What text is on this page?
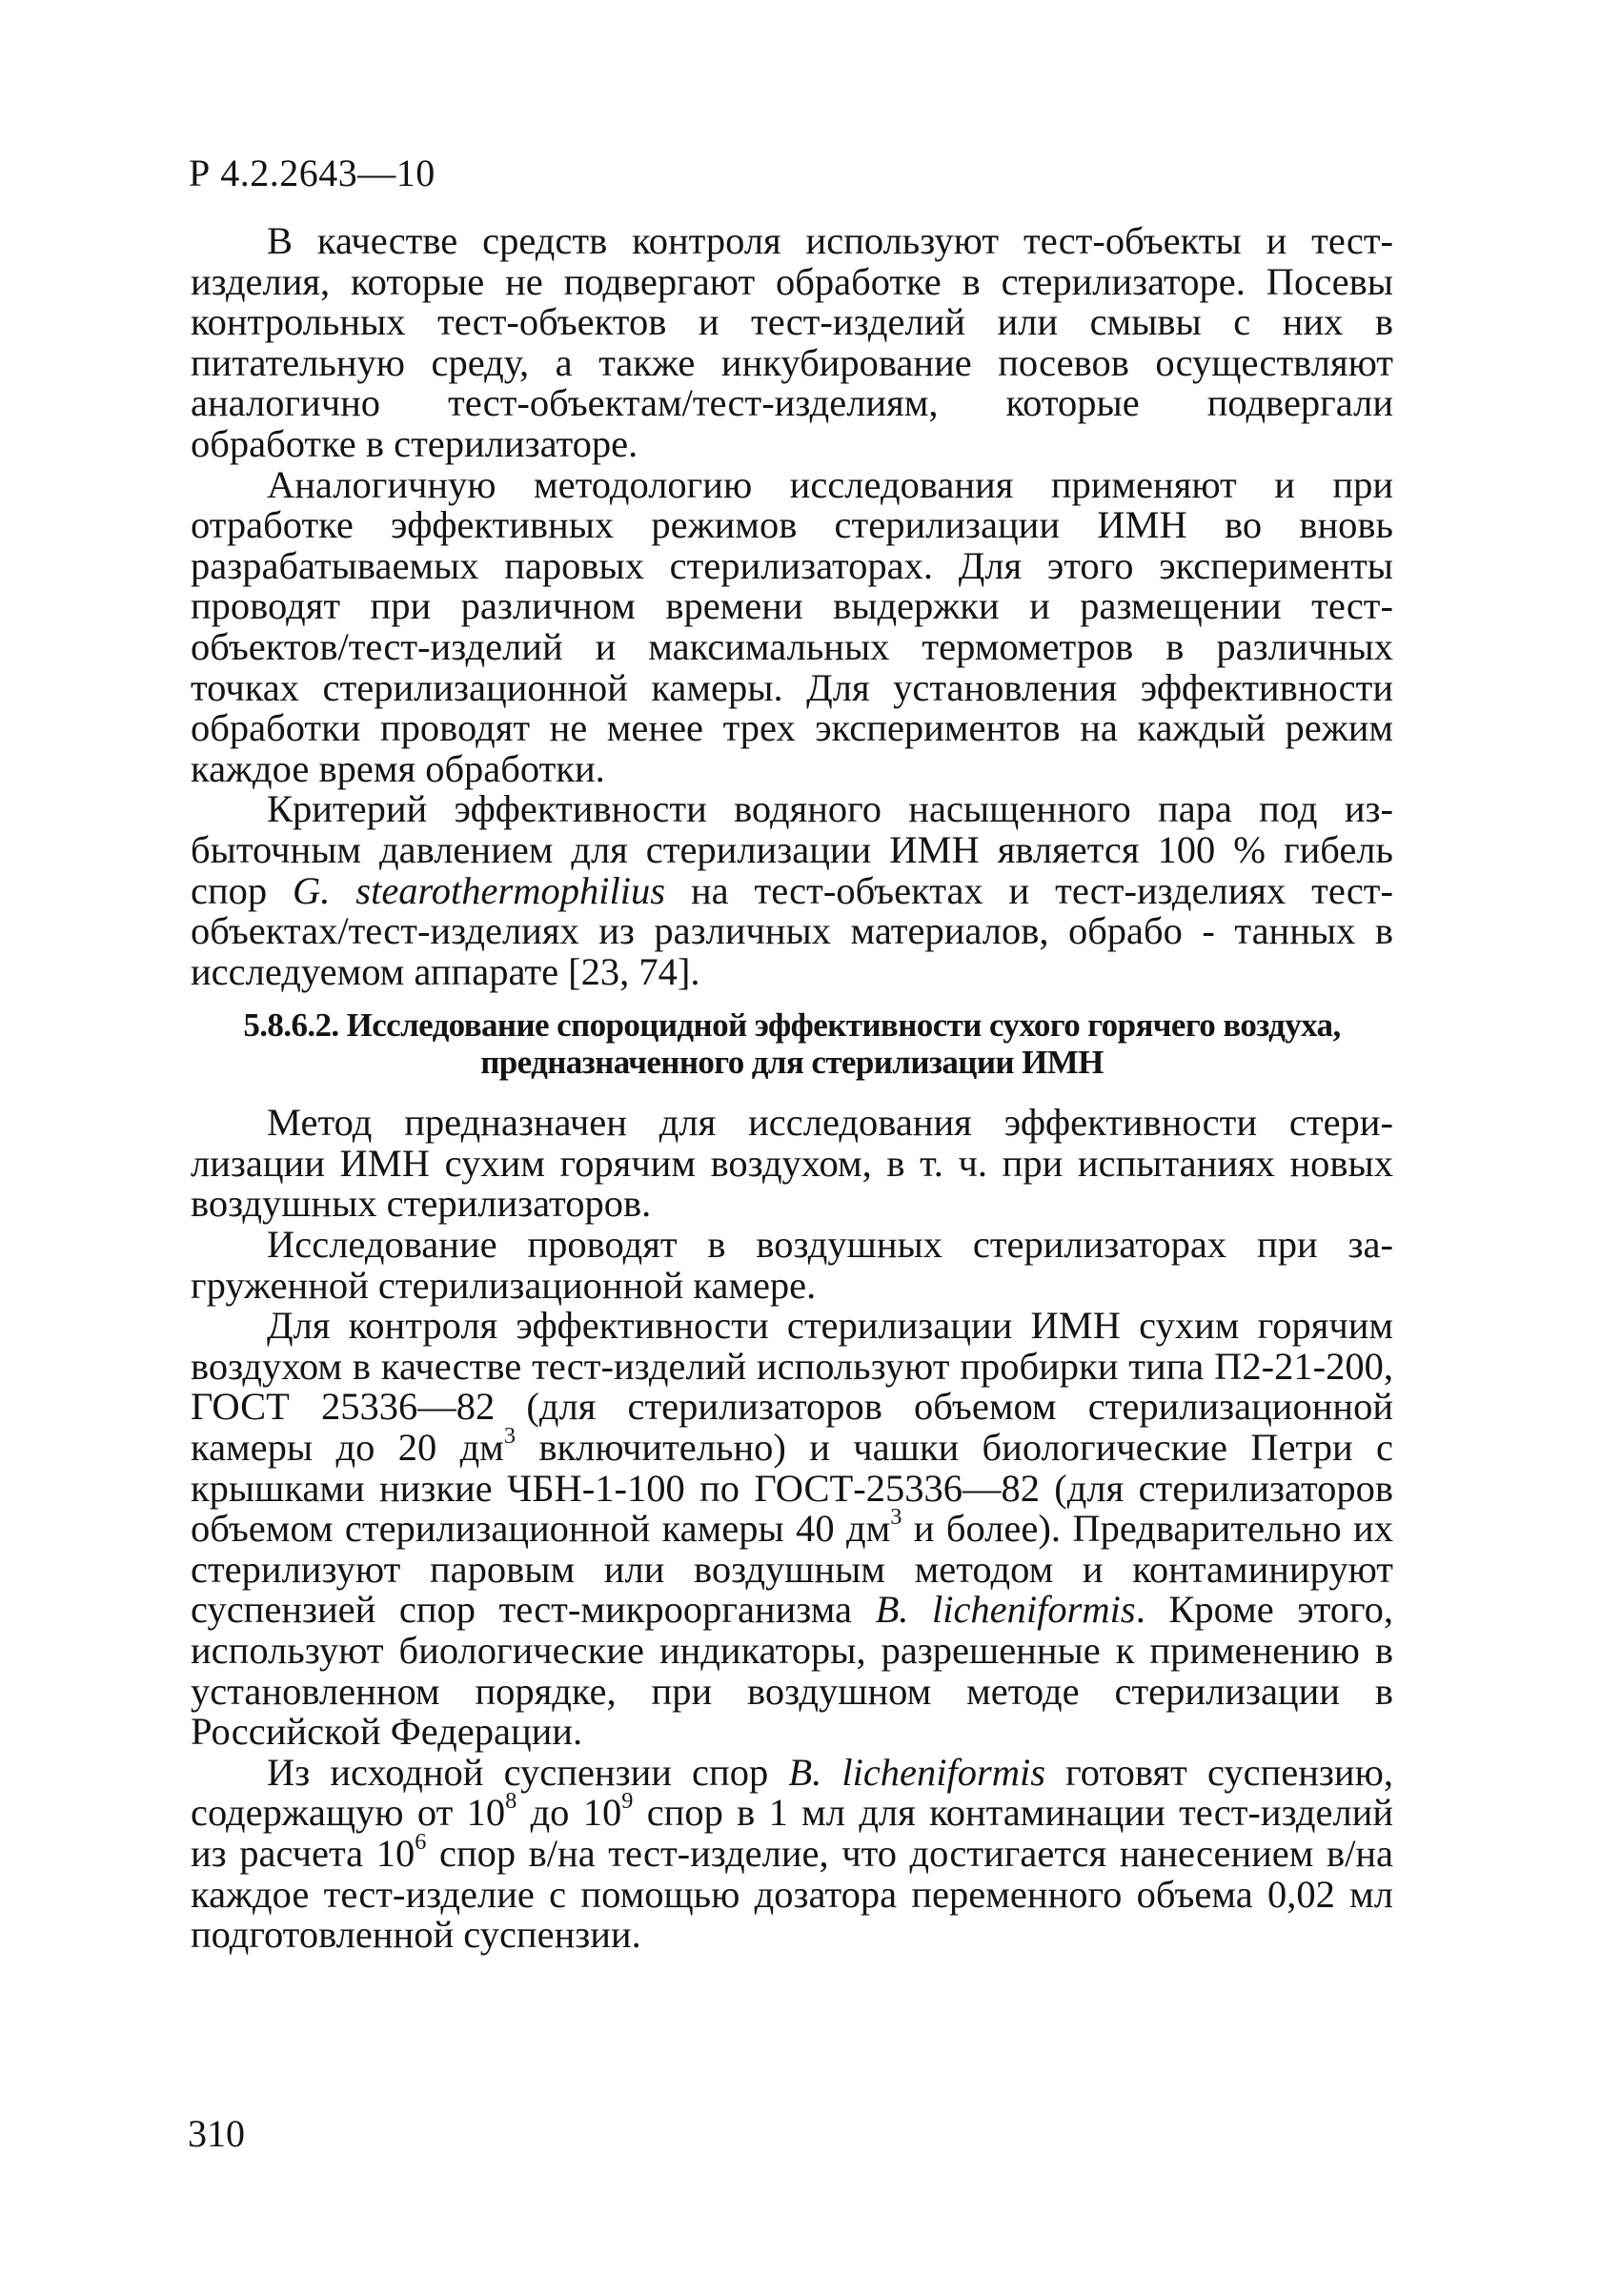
Р 4.2.2643—10

В качестве средств контроля используют тест-объекты и тест-изделия, которые не подвергают обработке в стерилизаторе. Посевы контрольных тест-объектов и тест-изделий или смывы с них в питательную среду, а также инкубирование посевов осуществляют аналогично тест-объектам/тест-изделиям, которые подвергали обработке в стерилизаторе.

Аналогичную методологию исследования применяют и при отработке эффективных режимов стерилизации ИМН во вновь разрабатываемых паровых стерилизаторах. Для этого эксперименты проводят при различном времени выдержки и размещении тест-объектов/тест-изделий и максимальных термометров в различных точках стерилизационной камеры. Для установления эффективности обработки проводят не менее трех экспериментов на каждый режим каждое время обработки.

Критерий эффективности водяного насыщенного пара под избыточным давлением для стерилизации ИМН является 100 % гибель спор G. stearothermophilius на тест-объектах и тест-изделиях тест-объектах/тест-изделиях из различных материалов, обрабо - танных в исследуемом аппарате [23, 74].

5.8.6.2. Исследование спороцидной эффективности сухого горячего воздуха, предназначенного для стерилизации ИМН

Метод предназначен для исследования эффективности стерилизации ИМН сухим горячим воздухом, в т. ч. при испытаниях новых воздушных стерилизаторов.

Исследование проводят в воздушных стерилизаторах при загруженной стерилизационной камере.

Для контроля эффективности стерилизации ИМН сухим горячим воздухом в качестве тест-изделий используют пробирки типа П2-21-200, ГОСТ 25336—82 (для стерилизаторов объемом стерилизационной камеры до 20 $дм^3$ включительно) и чашки биологические Петри с крышками низкие ЧБН-1-100 по ГОСТ-25336—82 (для стерилизаторов объемом стерилизационной камеры 40 $дм^3$ и более). Предварительно их стерилизуют паровым или воздушным методом и контаминируют суспензией спор тест-микроорганизма B. licheniformis. Кроме этого, используют биологические индикаторы, разрешенные к применению в установленном порядке, при воздушном методе стерилизации в Российской Федерации.

Из исходной суспензии спор B. licheniformis готовят суспензию, содержащую от $10^8$ до $10^9$ спор в 1 мл для контаминации тест-изделий из расчета $10^6$ спор в/на тест-изделие, что достигается нанесением в/на каждое тест-изделие с помощью дозатора переменного объема 0,02 мл подготовленной суспензии.

310
